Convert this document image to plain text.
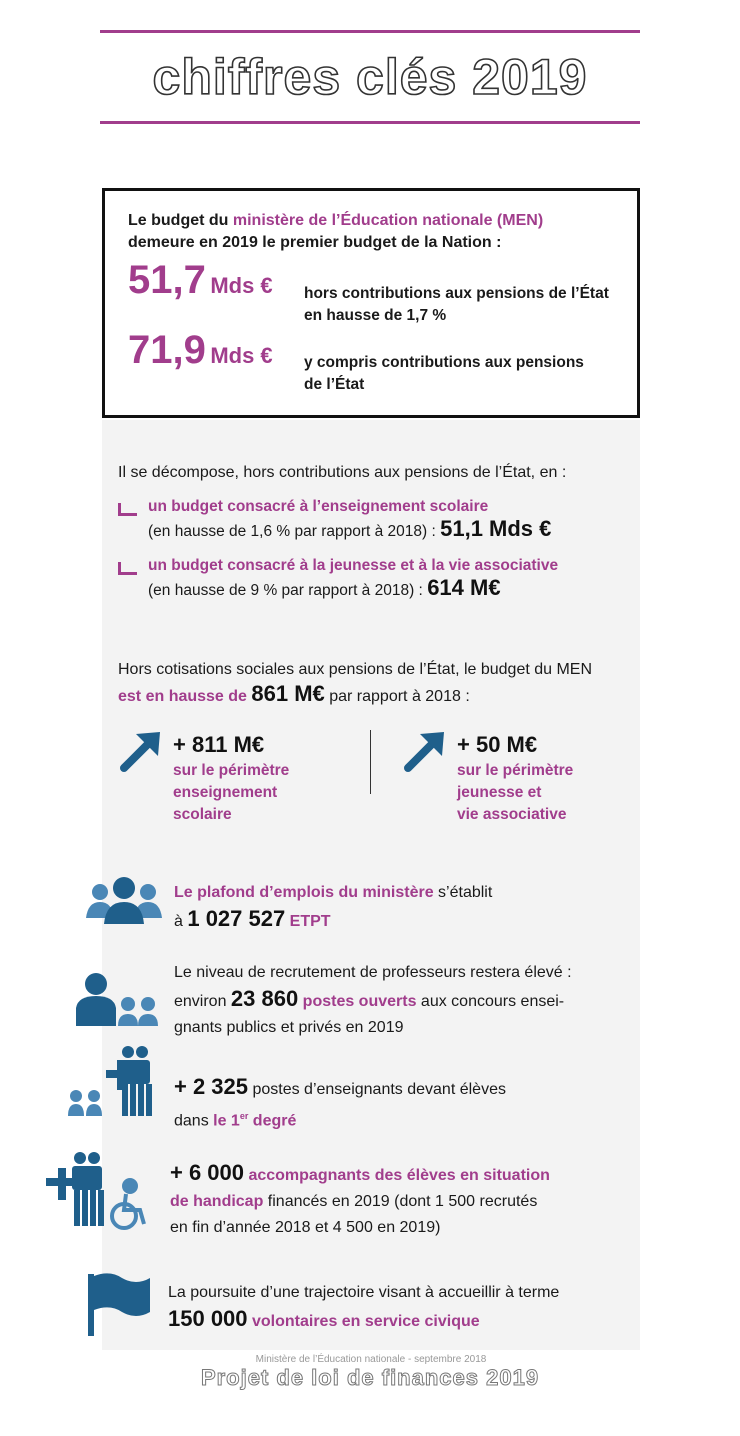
chiffres clés 2019
Le budget du ministère de l’Éducation nationale (MEN)
demeure en 2019 le premier budget de la Nation :
51,7 Mds € hors contributions aux pensions de l’État
en hausse de 1,7 %
71,9 Mds € y compris contributions aux pensions
de l’État
Il se décompose, hors contributions aux pensions de l’État, en :
un budget consacré à l’enseignement scolaire
(en hausse de 1,6 % par rapport à 2018) : 51,1 Mds €
un budget consacré à la jeunesse et à la vie associative
(en hausse de 9 % par rapport à 2018) : 614 M€
Hors cotisations sociales aux pensions de l’État, le budget du MEN
est en hausse de 861 M€ par rapport à 2018 :
+ 811 M€
sur le périmètre
enseignement
scolaire
+ 50 M€
sur le périmètre
jeunesse et
vie associative
Le plafond d’emplois du ministère s’établit
à 1 027 527 ETPT
Le niveau de recrutement de professeurs restera élevé :
environ 23 860 postes ouverts aux concours ensei-
gnants publics et privés en 2019
+ 2 325 postes d’enseignants devant élèves
dans le 1er degré
+ 6 000 accompagnants des élèves en situation
de handicap financés en 2019 (dont 1 500 recrutés
en fin d’année 2018 et 4 500 en 2019)
La poursuite d’une trajectoire visant à accueillir à terme
150 000 volontaires en service civique
Ministère de l’Éducation nationale - septembre 2018
Projet de loi de finances 2019
